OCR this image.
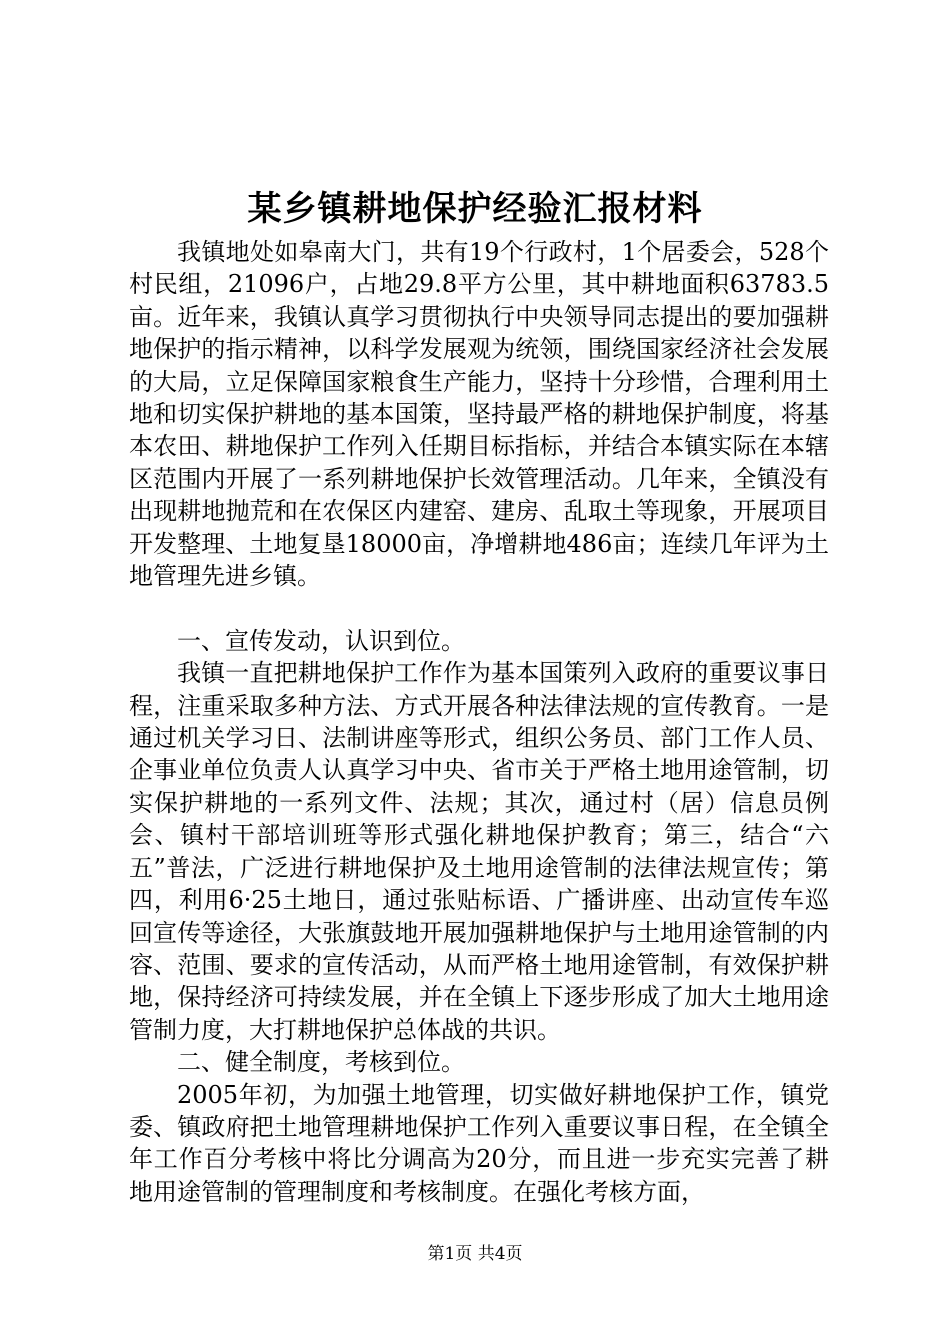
某乡镇耕地保护经验汇报材料

我镇地处如皋南大门，共有19个行政村，1个居委会，528个村民组，21096户，占地29.8平方公里，其中耕地面积63783.5亩。近年来，我镇认真学习贯彻执行中央领导同志提出的要加强耕地保护的指示精神，以科学发展观为统领，围绕国家经济社会发展的大局，立足保障国家粮食生产能力，坚持十分珍惜，合理利用土地和切实保护耕地的基本国策，坚持最严格的耕地保护制度，将基本农田、耕地保护工作列入任期目标指标，并结合本镇实际在本辖区范围内开展了一系列耕地保护长效管理活动。几年来，全镇没有出现耕地抛荒和在农保区内建窑、建房、乱取土等现象，开展项目开发整理、土地复垦18000亩，净增耕地486亩；连续几年评为土地管理先进乡镇。

一、宣传发动，认识到位。

我镇一直把耕地保护工作作为基本国策列入政府的重要议事日程，注重采取多种方法、方式开展各种法律法规的宣传教育。一是通过机关学习日、法制讲座等形式，组织公务员、部门工作人员、企事业单位负责人认真学习中央、省市关于严格土地用途管制，切实保护耕地的一系列文件、法规；其次，通过村（居）信息员例会、镇村干部培训班等形式强化耕地保护教育；第三，结合“六五”普法，广泛进行耕地保护及土地用途管制的法律法规宣传；第四，利用6·25土地日，通过张贴标语、广播讲座、出动宣传车巡回宣传等途径，大张旗鼓地开展加强耕地保护与土地用途管制的内容、范围、要求的宣传活动，从而严格土地用途管制，有效保护耕地，保持经济可持续发展，并在全镇上下逐步形成了加大土地用途管制力度，大打耕地保护总体战的共识。

二、健全制度，考核到位。

2005年初，为加强土地管理，切实做好耕地保护工作，镇党委、镇政府把土地管理耕地保护工作列入重要议事日程，在全镇全年工作百分考核中将比分调高为20分，而且进一步充实完善了耕地用途管制的管理制度和考核制度。在强化考核方面，

第1页 共4页
